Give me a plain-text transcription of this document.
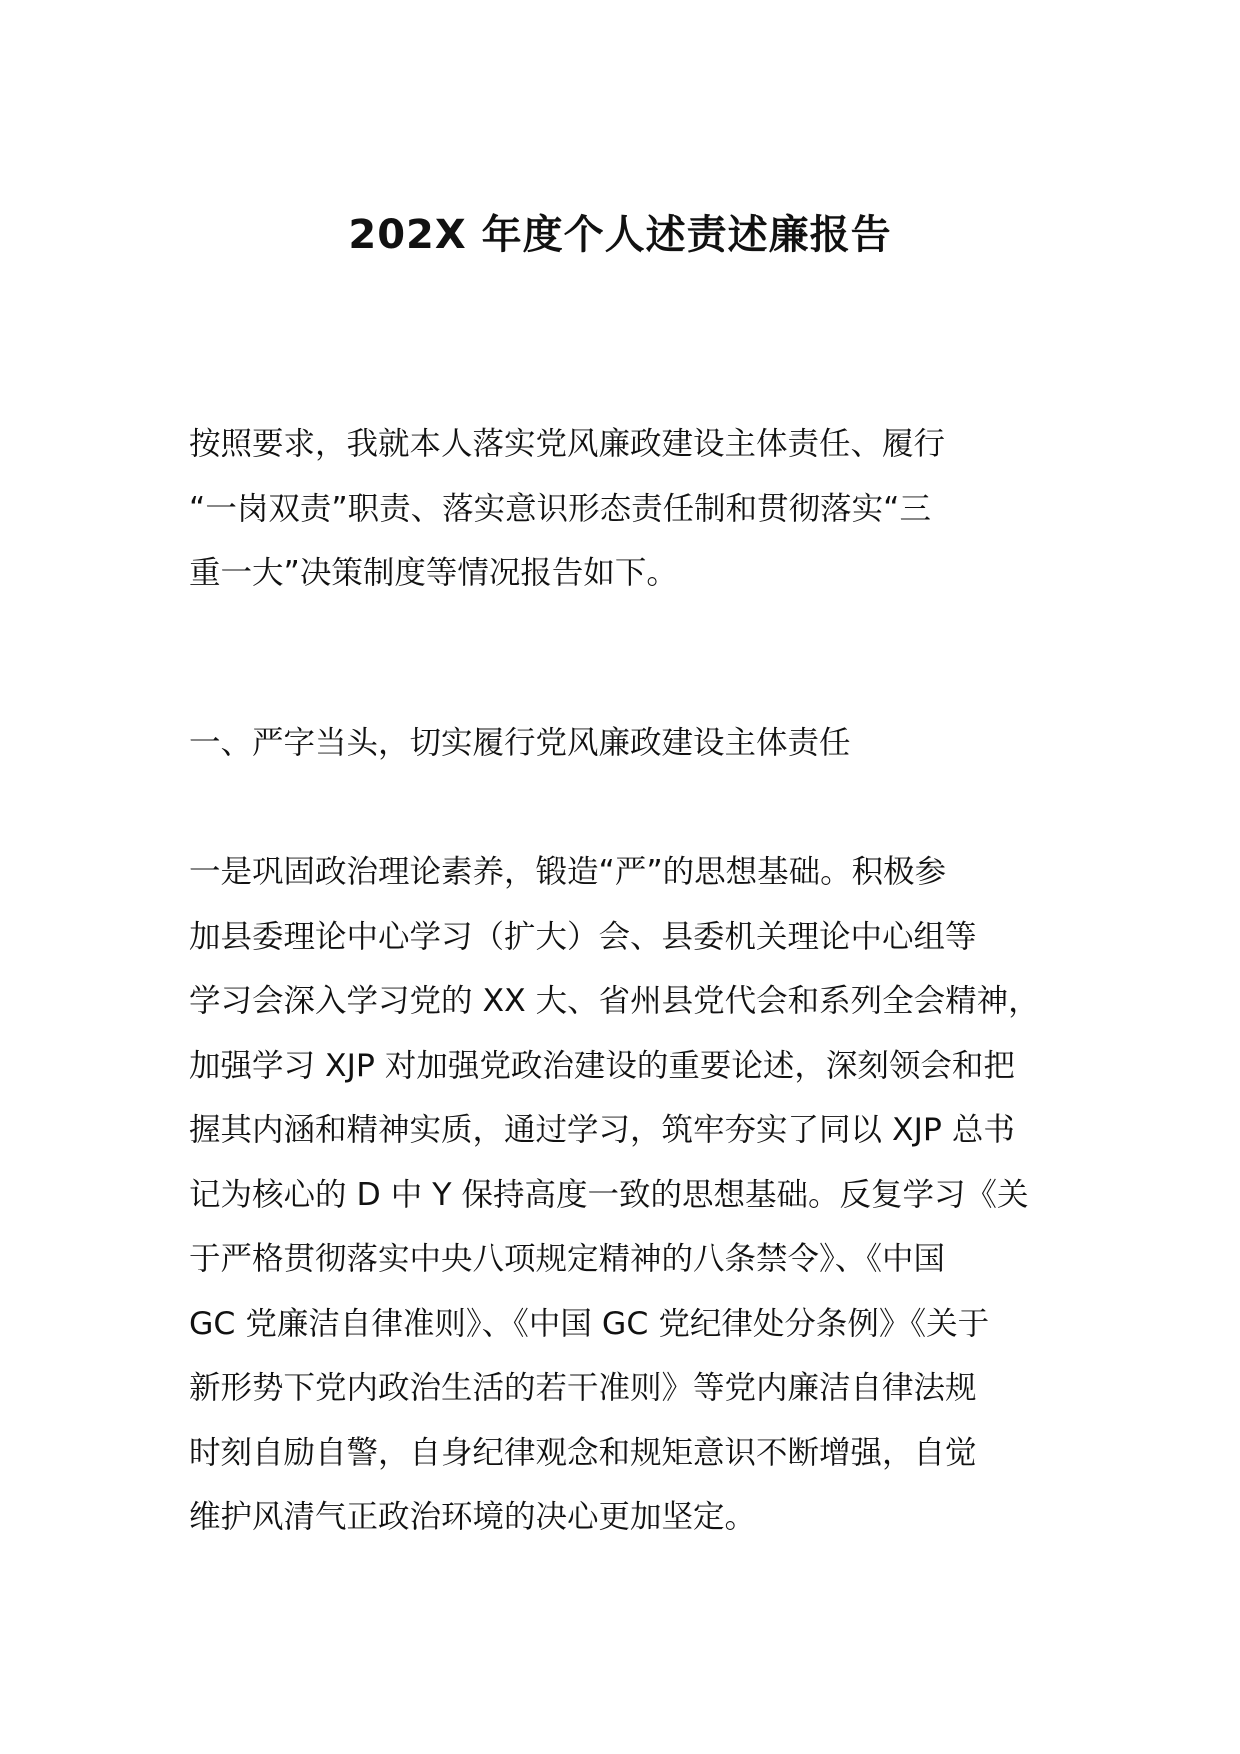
202X 年度个人述责述廉报告

按照要求，我就本人落实党风廉政建设主体责任、履行
“一岗双责”职责、落实意识形态责任制和贯彻落实“三
重一大”决策制度等情况报告如下。

一、严字当头，切实履行党风廉政建设主体责任

一是巩固政治理论素养，锻造“严”的思想基础。积极参
加县委理论中心学习（扩大）会、县委机关理论中心组等
学习会深入学习党的 XX 大、省州县党代会和系列全会精神，
加强学习 XJP 对加强党政治建设的重要论述，深刻领会和把
握其内涵和精神实质，通过学习，筑牢夯实了同以 XJP 总书
记为核心的 D 中 Y 保持高度一致的思想基础。反复学习《关
于严格贯彻落实中央八项规定精神的八条禁令》、《中国
GC 党廉洁自律准则》、《中国 GC 党纪律处分条例》《关于
新形势下党内政治生活的若干准则》等党内廉洁自律法规
时刻自励自警，自身纪律观念和规矩意识不断增强，自觉
维护风清气正政治环境的决心更加坚定。
